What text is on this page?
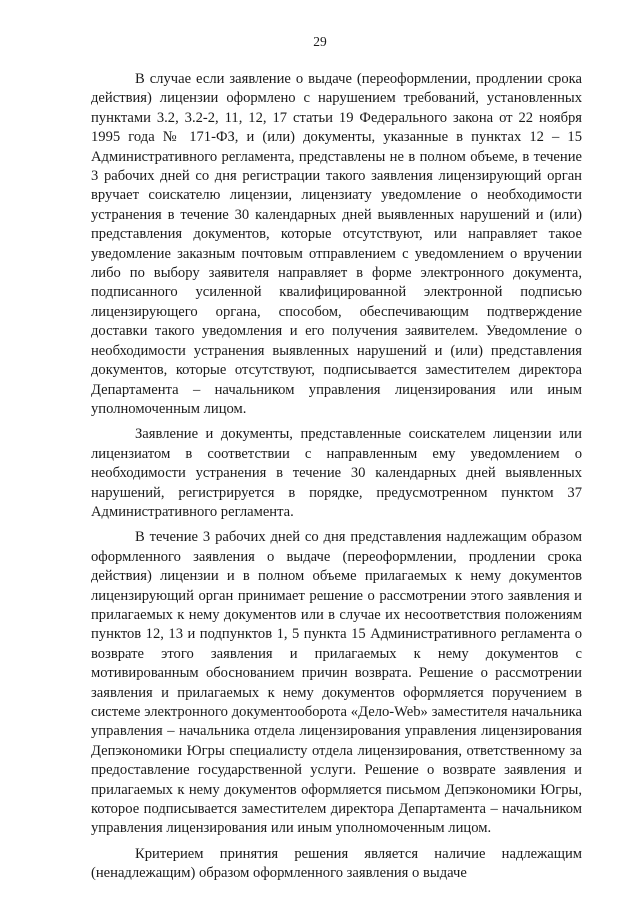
29

В случае если заявление о выдаче (переоформлении, продлении срока действия) лицензии оформлено с нарушением требований, установленных пунктами 3.2, 3.2-2, 11, 12, 17 статьи 19 Федерального закона от 22 ноября 1995 года № 171-ФЗ, и (или) документы, указанные в пунктах 12 – 15 Административного регламента, представлены не в полном объеме, в течение 3 рабочих дней со дня регистрации такого заявления лицензирующий орган вручает соискателю лицензии, лицензиату уведомление о необходимости устранения в течение 30 календарных дней выявленных нарушений и (или) представления документов, которые отсутствуют, или направляет такое уведомление заказным почтовым отправлением с уведомлением о вручении либо по выбору заявителя направляет в форме электронного документа, подписанного усиленной квалифицированной электронной подписью лицензирующего органа, способом, обеспечивающим подтверждение доставки такого уведомления и его получения заявителем. Уведомление о необходимости устранения выявленных нарушений и (или) представления документов, которые отсутствуют, подписывается заместителем директора Департамента – начальником управления лицензирования или иным уполномоченным лицом.

Заявление и документы, представленные соискателем лицензии или лицензиатом в соответствии с направленным ему уведомлением о необходимости устранения в течение 30 календарных дней выявленных нарушений, регистрируется в порядке, предусмотренном пунктом 37 Административного регламента.

В течение 3 рабочих дней со дня представления надлежащим образом оформленного заявления о выдаче (переоформлении, продлении срока действия) лицензии и в полном объеме прилагаемых к нему документов лицензирующий орган принимает решение о рассмотрении этого заявления и прилагаемых к нему документов или в случае их несоответствия положениям пунктов 12, 13 и подпунктов 1, 5 пункта 15 Административного регламента о возврате этого заявления и прилагаемых к нему документов с мотивированным обоснованием причин возврата. Решение о рассмотрении заявления и прилагаемых к нему документов оформляется поручением в системе электронного документооборота «Дело-Web» заместителя начальника управления – начальника отдела лицензирования управления лицензирования Депэкономики Югры специалисту отдела лицензирования, ответственному за предоставление государственной услуги. Решение о возврате заявления и прилагаемых к нему документов оформляется письмом Депэкономики Югры, которое подписывается заместителем директора Департамента – начальником управления лицензирования или иным уполномоченным лицом.

Критерием принятия решения является наличие надлежащим (ненадлежащим) образом оформленного заявления о выдаче
